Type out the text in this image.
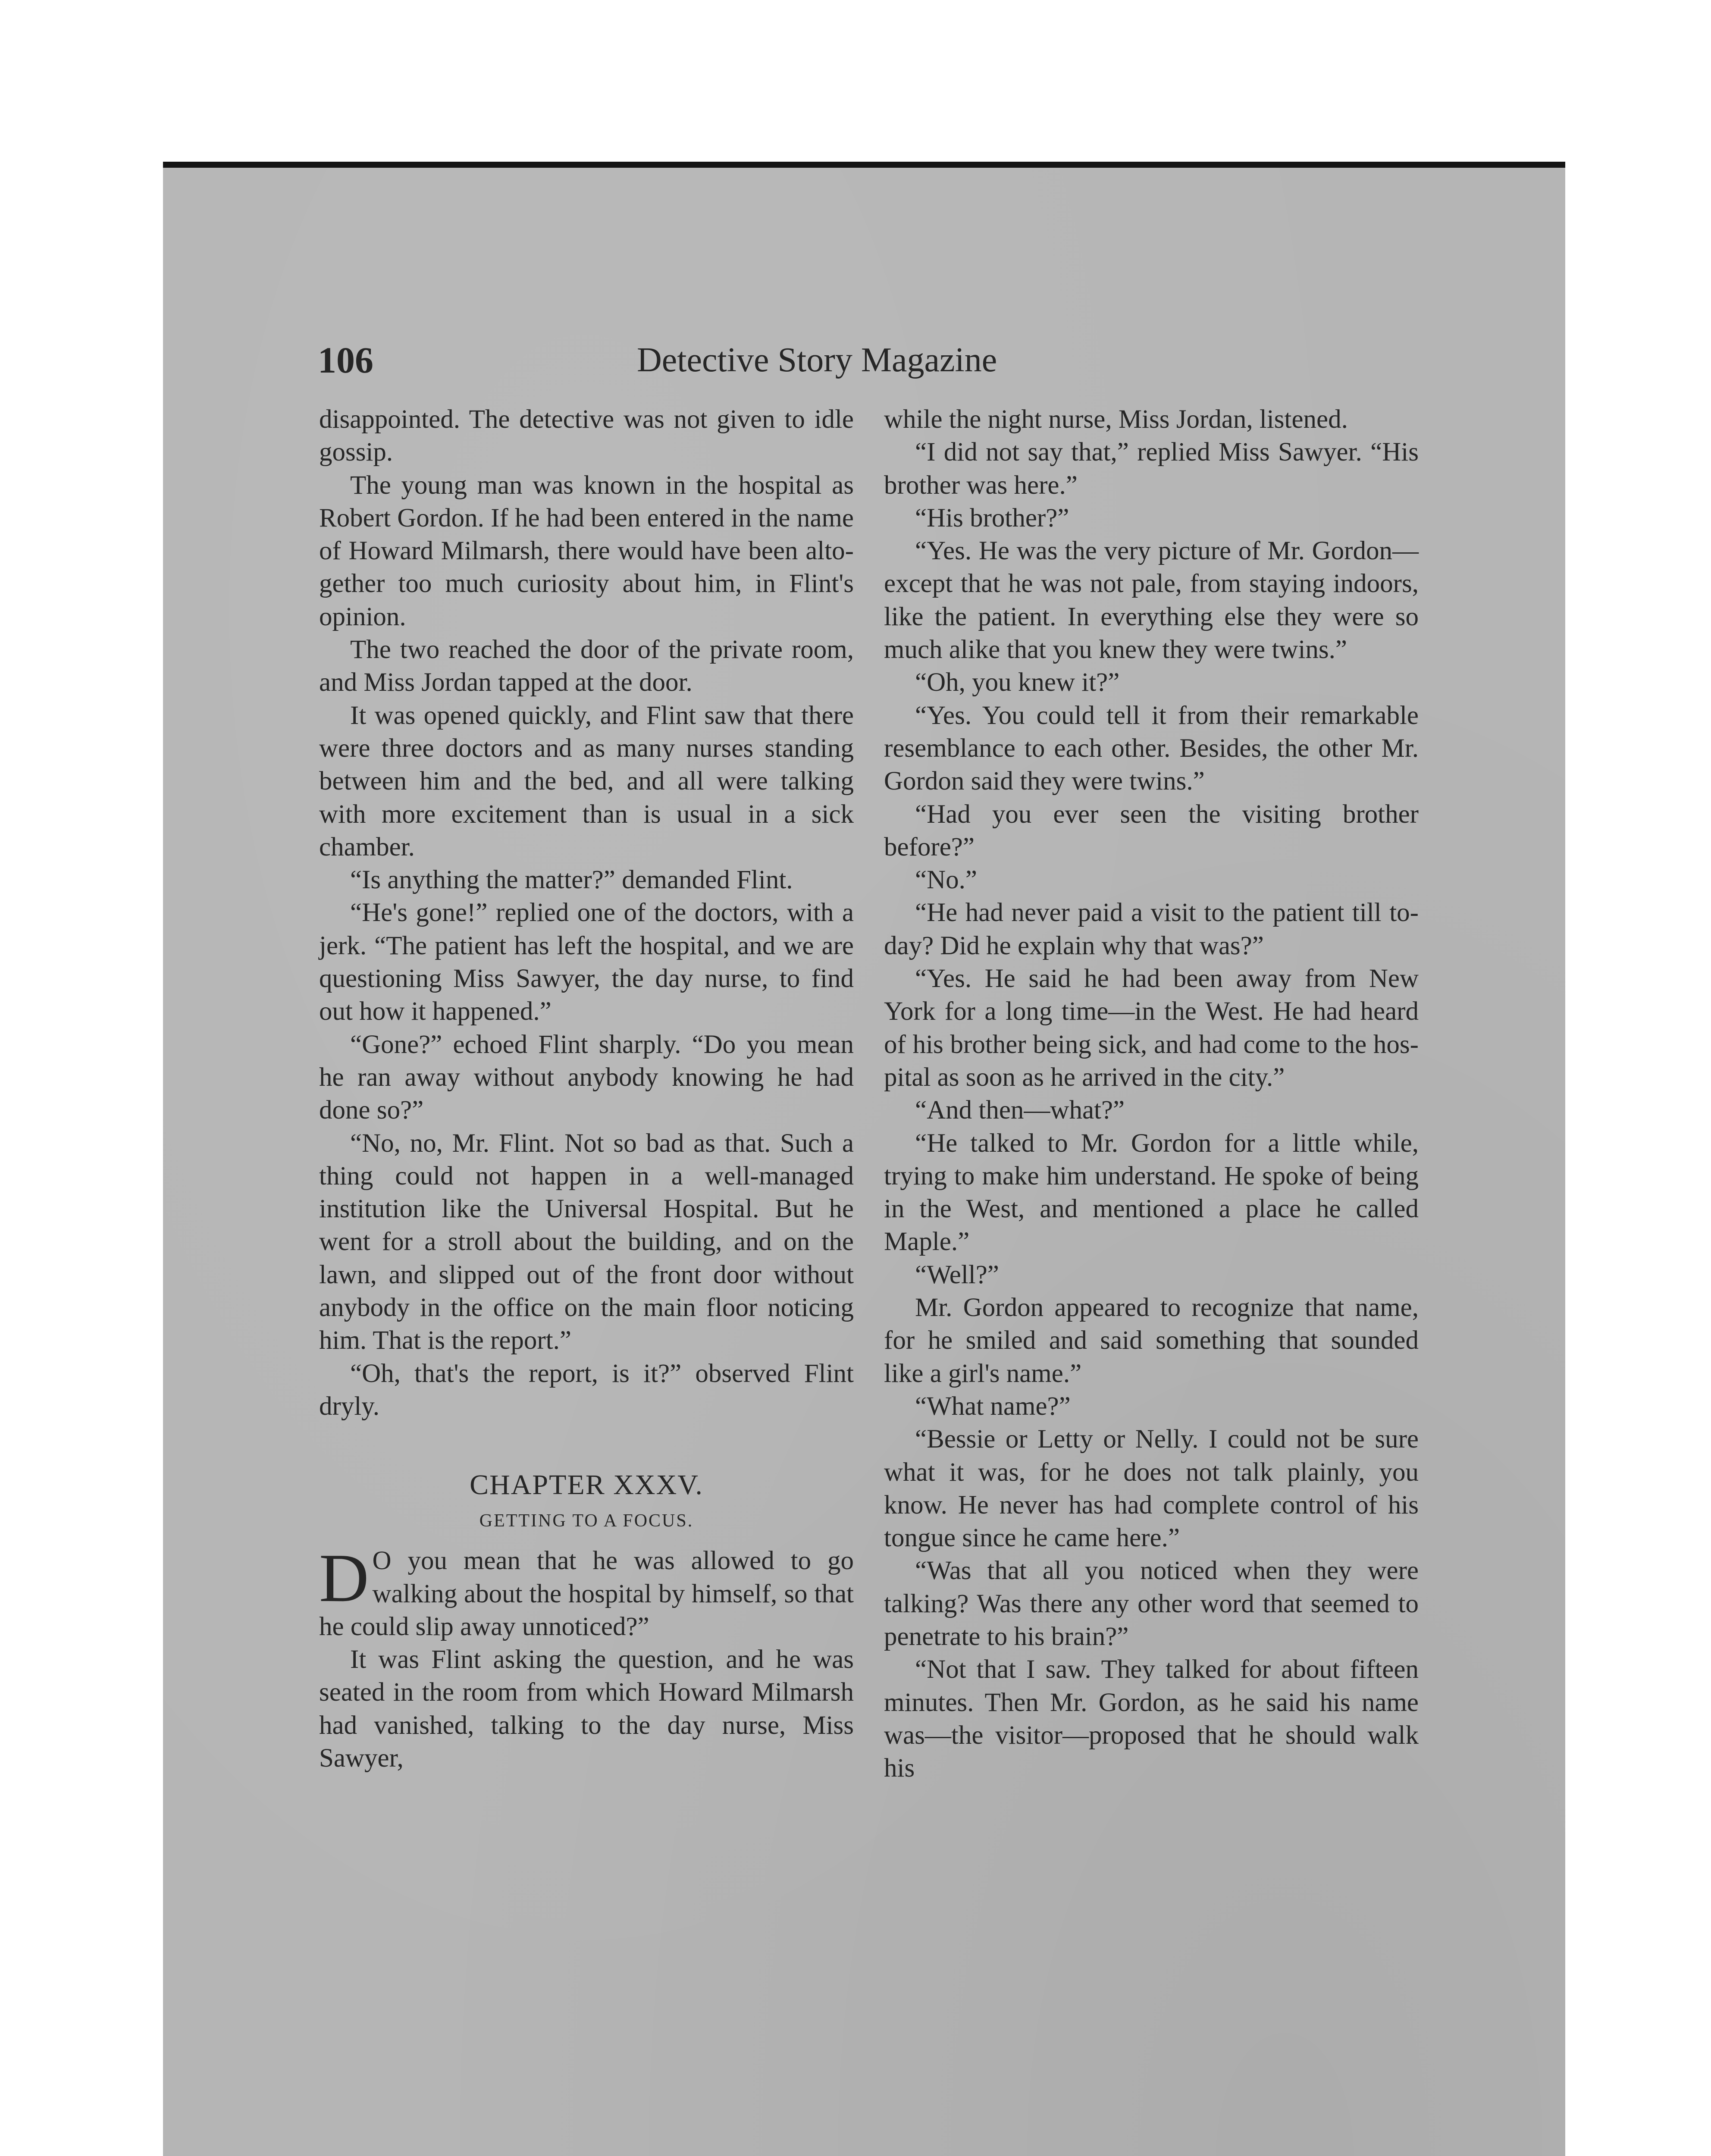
106	Detective Story Magazine

disappointed. The detective was not given to idle gossip.

The young man was known in the hospital as Robert Gordon. If he had been entered in the name of Howard Milmarsh, there would have been altogether too much curiosity about him, in Flint's opinion.

The two reached the door of the private room, and Miss Jordan tapped at the door.

It was opened quickly, and Flint saw that there were three doctors and as many nurses standing between him and the bed, and all were talking with more excitement than is usual in a sick chamber.

“Is anything the matter?” demanded Flint.

“He's gone!” replied one of the doctors, with a jerk. “The patient has left the hospital, and we are questioning Miss Sawyer, the day nurse, to find out how it happened.”

“Gone?” echoed Flint sharply. “Do you mean he ran away without anybody knowing he had done so?”

“No, no, Mr. Flint. Not so bad as that. Such a thing could not happen in a well-managed institution like the Universal Hospital. But he went for a stroll about the building, and on the lawn, and slipped out of the front door without anybody in the office on the main floor noticing him. That is the report.”

“Oh, that's the report, is it?” observed Flint dryly.

CHAPTER XXXV.

GETTING TO A FOCUS.

D O you mean that he was allowed to go walking about the hospital by himself, so that he could slip away unnoticed?”

It was Flint asking the question, and he was seated in the room from which Howard Milmarsh had vanished, talking to the day nurse, Miss Sawyer,

while the night nurse, Miss Jordan, listened.

“I did not say that,” replied Miss Sawyer. “His brother was here.”

“His brother?”

“Yes. He was the very picture of Mr. Gordon—except that he was not pale, from staying indoors, like the patient. In everything else they were so much alike that you knew they were twins.”

“Oh, you knew it?”

“Yes. You could tell it from their remarkable resemblance to each other. Besides, the other Mr. Gordon said they were twins.”

“Had you ever seen the visiting brother before?”

“No.”

“He had never paid a visit to the patient till to-day? Did he explain why that was?”

“Yes. He said he had been away from New York for a long time—in the West. He had heard of his brother being sick, and had come to the hospital as soon as he arrived in the city.”

“And then—what?”

“He talked to Mr. Gordon for a little while, trying to make him understand. He spoke of being in the West, and mentioned a place he called Maple.”

“Well?”

Mr. Gordon appeared to recognize that name, for he smiled and said something that sounded like a girl's name.”

“What name?”

“Bessie or Letty or Nelly. I could not be sure what it was, for he does not talk plainly, you know. He never has had complete control of his tongue since he came here.”

“Was that all you noticed when they were talking? Was there any other word that seemed to penetrate to his brain?”

“Not that I saw. They talked for about fifteen minutes. Then Mr. Gordon, as he said his name was—the visitor—proposed that he should walk his
